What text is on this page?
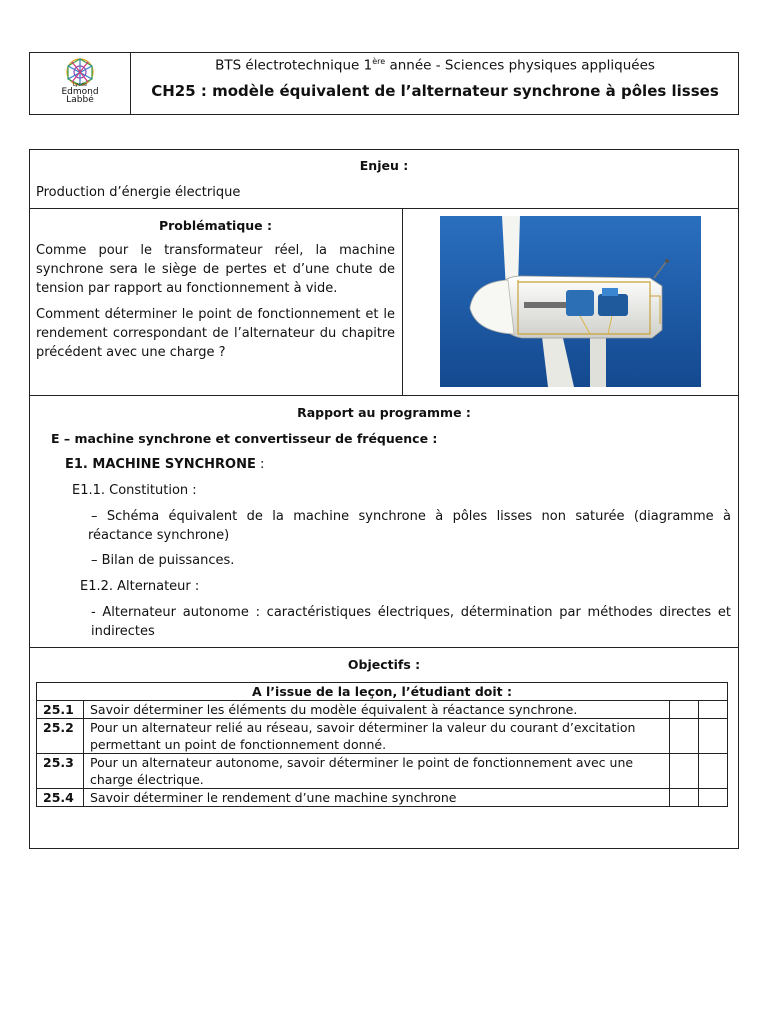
Lycée
Edmond
Labbé
BTS électrotechnique 1ère année - Sciences physiques appliquées
CH25 : modèle équivalent de l’alternateur synchrone à pôles lisses
Enjeu :
Production d’énergie électrique
Problématique :
Comme pour le transformateur réel, la machine synchrone sera le siège de pertes et d’une chute de tension par rapport au fonctionnement à vide.
Comment déterminer le point de fonctionnement et le rendement correspondant de l’alternateur du chapitre précédent avec une charge ?
Rapport au programme :
E – machine synchrone et convertisseur de fréquence :
E1. MACHINE SYNCHRONE :
E1.1. Constitution :
– Schéma équivalent de la machine synchrone à pôles lisses non saturée (diagramme à réactance synchrone)
– Bilan de puissances.
E1.2. Alternateur :
- Alternateur autonome : caractéristiques électriques, détermination par méthodes directes et indirectes
Objectifs :
A l’issue de la leçon, l’étudiant doit :			
25.1	Savoir déterminer les éléments du modèle équivalent à réactance synchrone.		
25.2	Pour un alternateur relié au réseau, savoir déterminer la valeur du courant d’excitation permettant un point de fonctionnement donné.		
25.3	Pour un alternateur autonome, savoir déterminer le point de fonctionnement avec une charge électrique.		
25.4	Savoir déterminer le rendement d’une machine synchrone		
